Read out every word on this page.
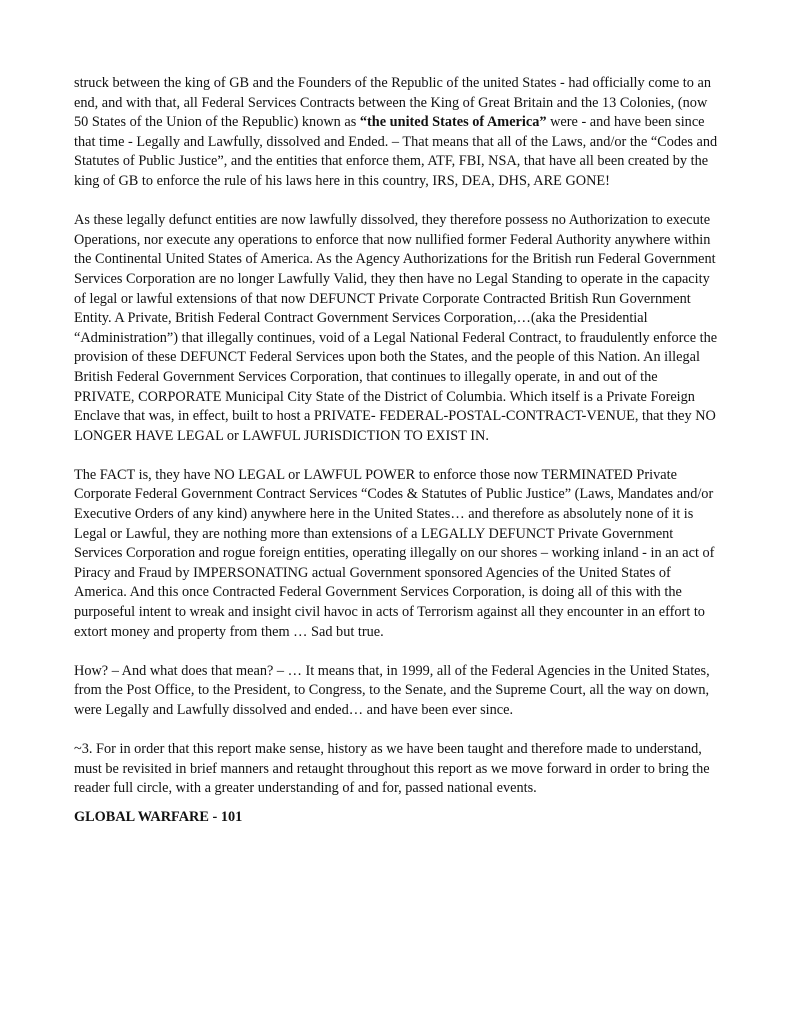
struck between the king of GB and the Founders of the Republic of the united States - had officially come to an end, and with that, all Federal Services Contracts between the King of Great Britain and the 13 Colonies, (now 50 States of the Union of the Republic) known as “the united States of America” were - and have been since that time - Legally and Lawfully, dissolved and Ended. – That means that all of the Laws, and/or the “Codes and Statutes of Public Justice”, and the entities that enforce them, ATF, FBI, NSA, that have all been created by the king of GB to enforce the rule of his laws here in this country, IRS, DEA, DHS, ARE GONE!

As these legally defunct entities are now lawfully dissolved, they therefore possess no Authorization to execute Operations, nor execute any operations to enforce that now nullified former Federal Authority anywhere within the Continental United States of America. As the Agency Authorizations for the British run Federal Government Services Corporation are no longer Lawfully Valid, they then have no Legal Standing to operate in the capacity of legal or lawful extensions of that now DEFUNCT Private Corporate Contracted British Run Government Entity. A Private, British Federal Contract Government Services Corporation,…(aka the Presidential “Administration”) that illegally continues, void of a Legal National Federal Contract, to fraudulently enforce the provision of these DEFUNCT Federal Services upon both the States, and the people of this Nation. An illegal British Federal Government Services Corporation, that continues to illegally operate, in and out of the PRIVATE, CORPORATE Municipal City State of the District of Columbia. Which itself is a Private Foreign Enclave that was, in effect, built to host a PRIVATE- FEDERAL-POSTAL-CONTRACT-VENUE, that they NO LONGER HAVE LEGAL or LAWFUL JURISDICTION TO EXIST IN.

The FACT is, they have NO LEGAL or LAWFUL POWER to enforce those now TERMINATED Private Corporate Federal Government Contract Services “Codes & Statutes of Public Justice” (Laws, Mandates and/or Executive Orders of any kind) anywhere here in the United States… and therefore as absolutely none of it is Legal or Lawful, they are nothing more than extensions of a LEGALLY DEFUNCT Private Government Services Corporation and rogue foreign entities, operating illegally on our shores – working inland - in an act of Piracy and Fraud by IMPERSONATING actual Government sponsored Agencies of the United States of America. And this once Contracted Federal Government Services Corporation, is doing all of this with the purposeful intent to wreak and insight civil havoc in acts of Terrorism against all they encounter in an effort to extort money and property from them … Sad but true.

How? – And what does that mean? – … It means that, in 1999, all of the Federal Agencies in the United States, from the Post Office, to the President, to Congress, to the Senate, and the Supreme Court, all the way on down, were Legally and Lawfully dissolved and ended… and have been ever since.

~3. For in order that this report make sense, history as we have been taught and therefore made to understand, must be revisited in brief manners and retaught throughout this report as we move forward in order to bring the reader full circle, with a greater understanding of and for, passed national events.

GLOBAL WARFARE - 101
